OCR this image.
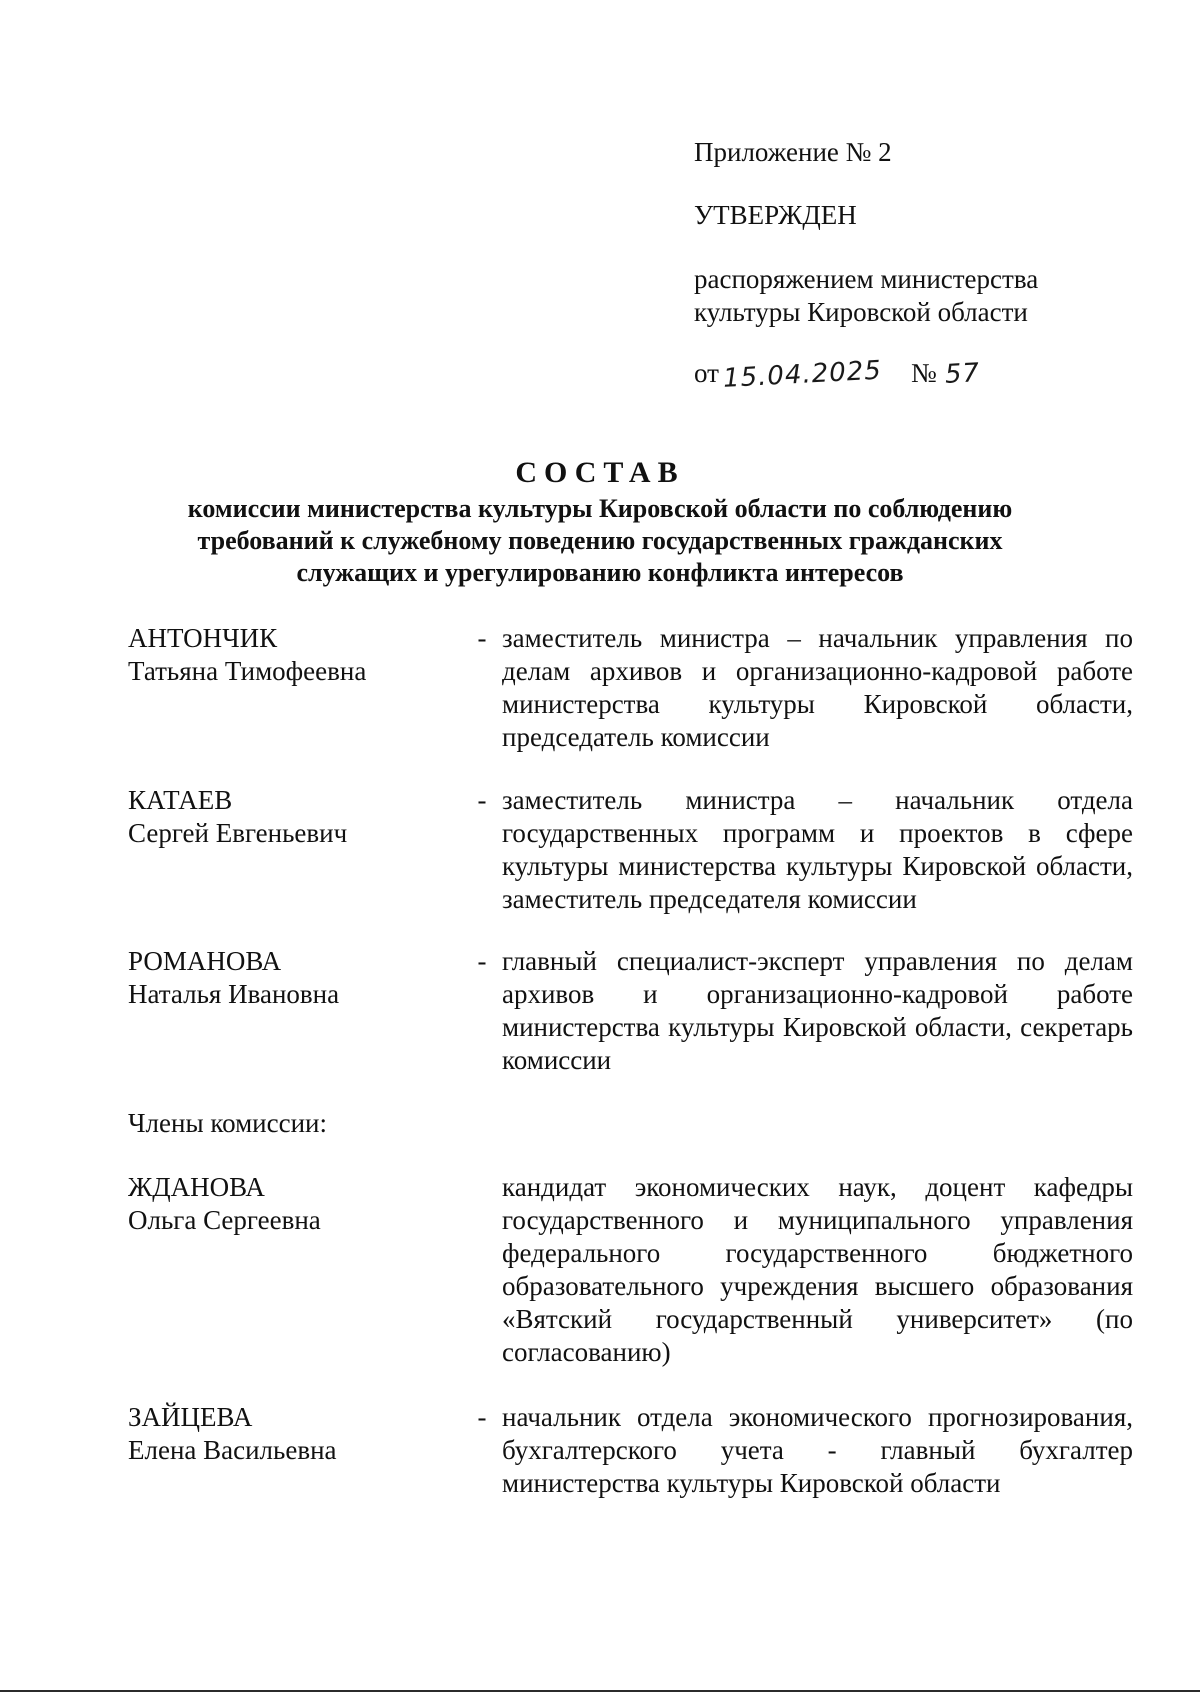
Приложение № 2
УТВЕРЖДЕН
распоряжением министерства
культуры Кировской области
от 15.04.2025	№ 57
СОСТАВ
комиссии министерства культуры Кировской области по соблюдению
требований к служебному поведению государственных гражданских
служащих и урегулированию конфликта интересов
АНТОНЧИК
Татьяна Тимофеевна
- заместитель министра – начальник управления по делам архивов и организационно-кадровой работе министерства культуры Кировской области, председатель комиссии
КАТАЕВ
Сергей Евгеньевич
- заместитель министра – начальник отдела государственных программ и проектов в сфере культуры министерства культуры Кировской области, заместитель председателя комиссии
РОМАНОВА
Наталья Ивановна
- главный специалист-эксперт управления по делам архивов и организационно-кадровой работе министерства культуры Кировской области, секретарь комиссии
Члены комиссии:
ЖДАНОВА
Ольга Сергеевна
кандидат экономических наук, доцент кафедры государственного и муниципального управления федерального государственного бюджетного образовательного учреждения высшего образования «Вятский государственный университет» (по согласованию)
ЗАЙЦЕВА
Елена Васильевна
- начальник отдела экономического прогнозирования, бухгалтерского учета - главный бухгалтер министерства культуры Кировской области
